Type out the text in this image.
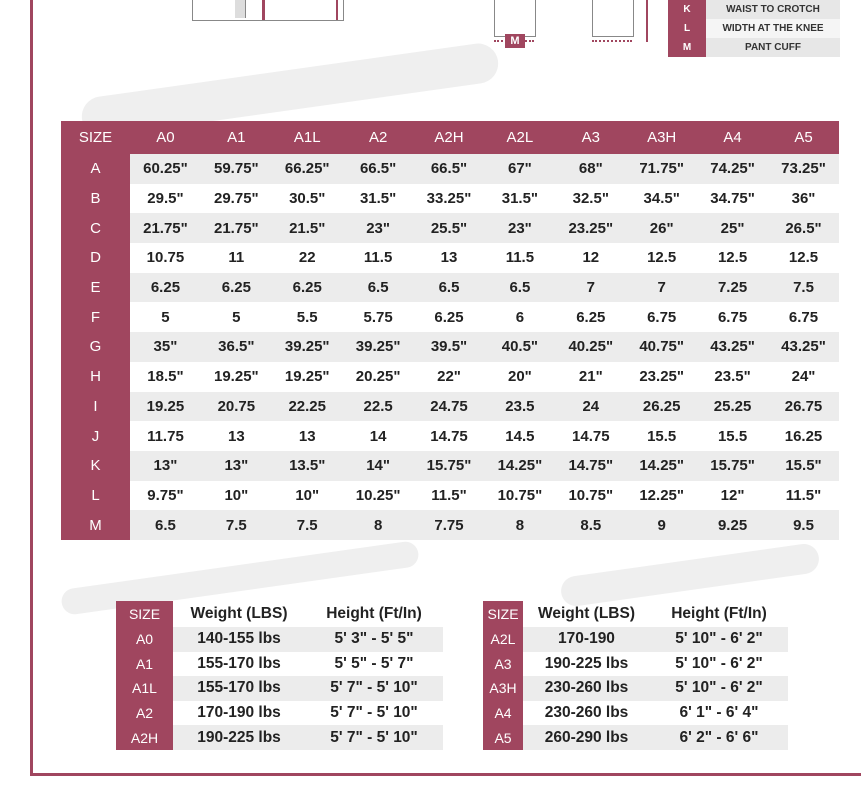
M
K	WAIST TO CROTCH
L	WIDTH AT THE KNEE
M	PANT CUFF
SIZE	A0	A1	A1L	A2	A2H	A2L	A3	A3H	A4	A5
A	60.25"	59.75"	66.25"	66.5"	66.5"	67"	68"	71.75"	74.25"	73.25"
B	29.5"	29.75"	30.5"	31.5"	33.25"	31.5"	32.5"	34.5"	34.75"	36"
C	21.75"	21.75"	21.5"	23"	25.5"	23"	23.25"	26"	25"	26.5"
D	10.75	11	22	11.5	13	11.5	12	12.5	12.5	12.5
E	6.25	6.25	6.25	6.5	6.5	6.5	7	7	7.25	7.5
F	5	5	5.5	5.75	6.25	6	6.25	6.75	6.75	6.75
G	35"	36.5"	39.25"	39.25"	39.5"	40.5"	40.25"	40.75"	43.25"	43.25"
H	18.5"	19.25"	19.25"	20.25"	22"	20"	21"	23.25"	23.5"	24"
I	19.25	20.75	22.25	22.5	24.75	23.5	24	26.25	25.25	26.75
J	11.75	13	13	14	14.75	14.5	14.75	15.5	15.5	16.25
K	13"	13"	13.5"	14"	15.75"	14.25"	14.75"	14.25"	15.75"	15.5"
L	9.75"	10"	10"	10.25"	11.5"	10.75"	10.75"	12.25"	12"	11.5"
M	6.5	7.5	7.5	8	7.75	8	8.5	9	9.25	9.5
SIZE	Weight (LBS)	Height (Ft/In)
A0	140-155 lbs	5' 3" - 5' 5"
A1	155-170 lbs	5' 5" - 5' 7"
A1L	155-170 lbs	5' 7" - 5' 10"
A2	170-190 lbs	5' 7" - 5' 10"
A2H	190-225 lbs	5' 7" - 5' 10"
SIZE	Weight (LBS)	Height (Ft/In)
A2L	170-190	5' 10" - 6' 2"
A3	190-225 lbs	5' 10" - 6' 2"
A3H	230-260 lbs	5' 10" - 6' 2"
A4	230-260 lbs	6' 1" - 6' 4"
A5	260-290 lbs	6' 2" - 6' 6"
